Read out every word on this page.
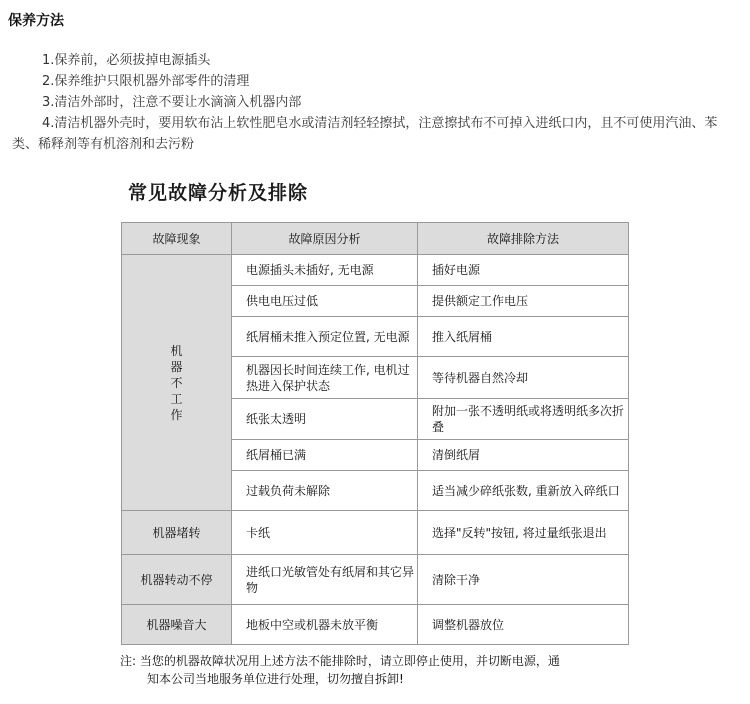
保养方法

1.保养前，必须拔掉电源插头

2.保养维护只限机器外部零件的清理

3.清洁外部时，注意不要让水滴滴入机器内部

4.清洁机器外壳时，要用软布沾上软性肥皂水或清洁剂轻轻擦拭，注意擦拭布不可掉入进纸口内，且不可使用汽油、苯类、稀释剂等有机溶剂和去污粉

常见故障分析及排除
故障现象	故障原因分析	故障排除方法
机器不工作	电源插头未插好, 无电源	插好电源
	供电电压过低	提供额定工作电压
	纸屑桶未推入预定位置, 无电源	推入纸屑桶
	机器因长时间连续工作, 电机过热进入保护状态	等待机器自然冷却
	纸张太透明	附加一张不透明纸或将透明纸多次折叠
	纸屑桶已满	清倒纸屑
	过载负荷未解除	适当减少碎纸张数, 重新放入碎纸口
机器堵转	卡纸	选择"反转"按钮, 将过量纸张退出
机器转动不停	进纸口光敏管处有纸屑和其它异物	清除干净
机器噪音大	地板中空或机器未放平衡	调整机器放位
注: 当您的机器故障状况用上述方法不能排除时，请立即停止使用，并切断电源，通
知本公司当地服务单位进行处理，切勿擅自拆卸!
